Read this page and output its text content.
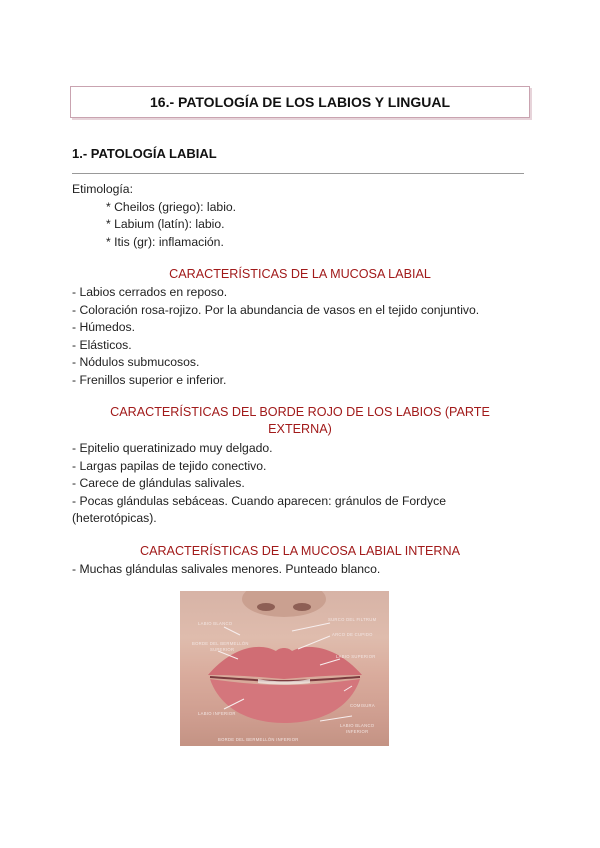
16.- PATOLOGÍA DE LOS LABIOS Y LINGUAL
1.- PATOLOGÍA LABIAL
Etimología:
* Cheilos (griego): labio.
* Labium (latín): labio.
* Itis (gr): inflamación.
CARACTERÍSTICAS DE LA MUCOSA LABIAL
- Labios cerrados en reposo.
- Coloración rosa-rojizo. Por la abundancia de vasos en el tejido conjuntivo.
- Húmedos.
- Elásticos.
- Nódulos submucosos.
- Frenillos superior e inferior.
CARACTERÍSTICAS DEL BORDE ROJO DE LOS LABIOS (PARTE
EXTERNA)
- Epitelio queratinizado muy delgado.
- Largas papilas de tejido conectivo.
- Carece de glándulas salivales.
- Pocas glándulas sebáceas. Cuando aparecen: gránulos de Fordyce
(heterotópicas).
CARACTERÍSTICAS DE LA MUCOSA LABIAL INTERNA
- Muchas glándulas salivales menores. Punteado blanco.
LABIO BLANCO
SURCO DEL FILTRUM
ARCO DE CUPIDO
BORDE DEL BERMELLÓN
SUPERIOR
LABIO SUPERIOR
COMISURA
LABIO INFERIOR
LABIO BLANCO
INFERIOR
BORDE DEL BERMELLÓN INFERIOR
